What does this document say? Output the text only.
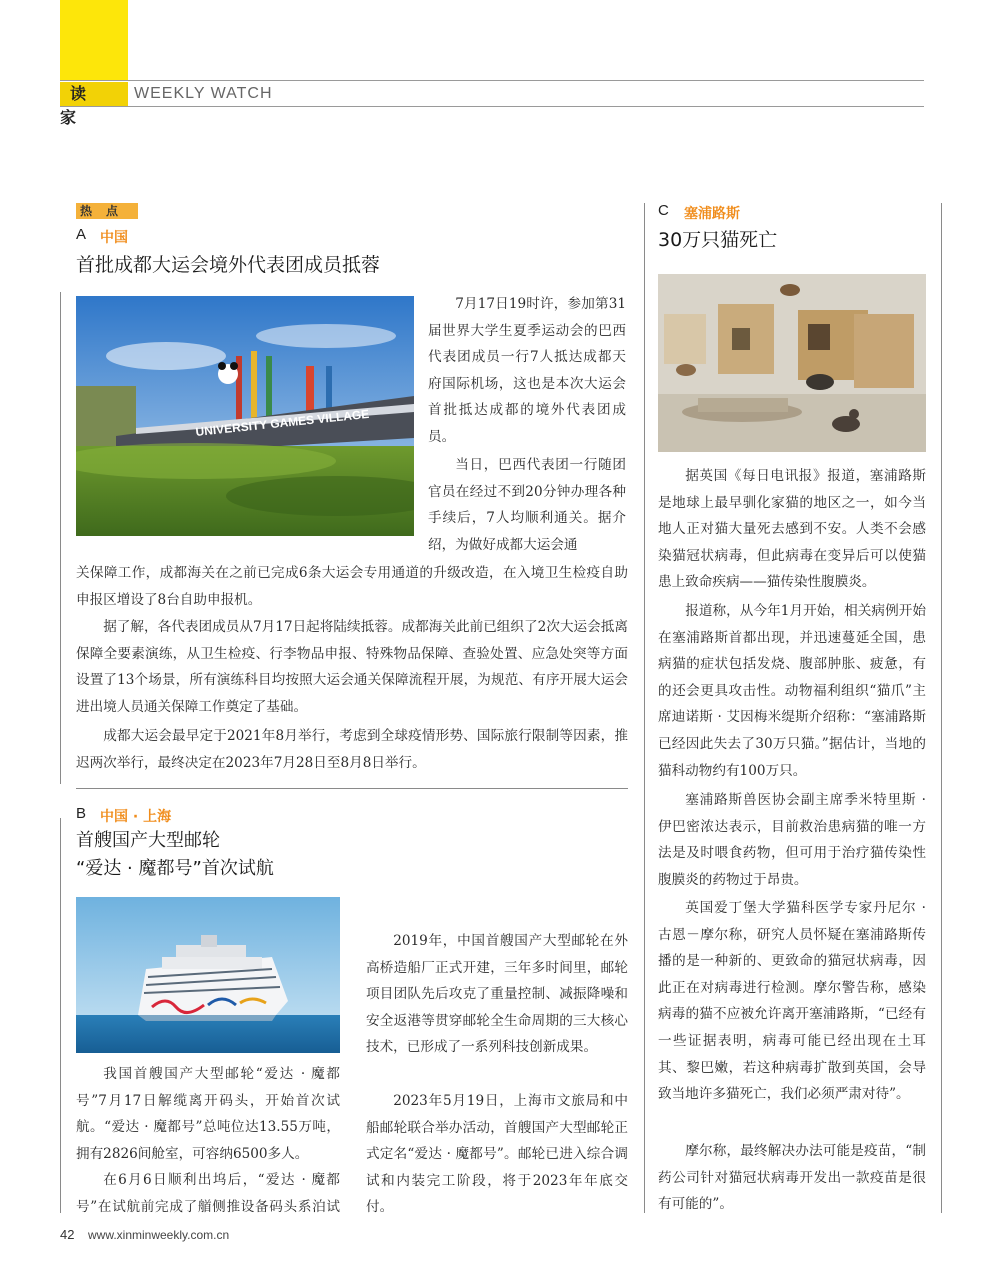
读家
WEEKLY WATCH
热点
A 中国
首批成都大运会境外代表团成员抵蓉
UNIVERSITY GAMES VILLAGE

7月17日19时许，参加第31届世界大学生夏季运动会的巴西代表团成员一行7人抵达成都天府国际机场，这也是本次大运会首批抵达成都的境外代表团成员。

当日，巴西代表团一行随团官员在经过不到20分钟办理各种手续后，7人均顺利通关。据介绍，为做好成都大运会通

关保障工作，成都海关在之前已完成6条大运会专用通道的升级改造，在入境卫生检疫自助申报区增设了8台自助申报机。

据了解，各代表团成员从7月17日起将陆续抵蓉。成都海关此前已组织了2次大运会抵离保障全要素演练，从卫生检疫、行李物品申报、特殊物品保障、查验处置、应急处突等方面设置了13个场景，所有演练科目均按照大运会通关保障流程开展，为规范、有序开展大运会进出境人员通关保障工作奠定了基础。

成都大运会最早定于2021年8月举行，考虑到全球疫情形势、国际旅行限制等因素，推迟两次举行，最终决定在2023年7月28日至8月8日举行。

B 中国 · 上海
首艘国产大型邮轮
“爱达 · 魔都号”首次试航

我国首艘国产大型邮轮“爱达 · 魔都号”7月17日解缆离开码头，开始首次试航。“爱达 · 魔都号”总吨位达13.55万吨，拥有2826间舱室，可容纳6500多人。

在6月6日顺利出坞后，“爱达 · 魔都号”在试航前完成了艏侧推设备码头系泊试

2019年，中国首艘国产大型邮轮在外高桥造船厂正式开建，三年多时间里，邮轮项目团队先后攻克了重量控制、减振降噪和安全返港等贯穿邮轮全生命周期的三大核心技术，已形成了一系列科技创新成果。

2023年5月19日，上海市文旅局和中船邮轮联合举办活动，首艘国产大型邮轮正式定名“爱达 · 魔都号”。邮轮已进入综合调试和内装完工阶段，将于2023年年底交付。

C 塞浦路斯
30万只猫死亡

据英国《每日电讯报》报道，塞浦路斯是地球上最早驯化家猫的地区之一，如今当地人正对猫大量死去感到不安。人类不会感染猫冠状病毒，但此病毒在变异后可以使猫患上致命疾病——猫传染性腹膜炎。

报道称，从今年1月开始，相关病例开始在塞浦路斯首都出现，并迅速蔓延全国，患病猫的症状包括发烧、腹部肿胀、疲惫，有的还会更具攻击性。动物福利组织“猫爪”主席迪诺斯 · 艾因梅米缇斯介绍称：“塞浦路斯已经因此失去了30万只猫。”据估计，当地的猫科动物约有100万只。

塞浦路斯兽医协会副主席季米特里斯 · 伊巴密浓达表示，目前救治患病猫的唯一方法是及时喂食药物，但可用于治疗猫传染性腹膜炎的药物过于昂贵。

英国爱丁堡大学猫科医学专家丹尼尔 · 古恩－摩尔称，研究人员怀疑在塞浦路斯传播的是一种新的、更致命的猫冠状病毒，因此正在对病毒进行检测。摩尔警告称，感染病毒的猫不应被允许离开塞浦路斯，“已经有一些证据表明，病毒可能已经出现在土耳其、黎巴嫩，若这种病毒扩散到英国，会导致当地许多猫死亡，我们必须严肃对待”。

摩尔称，最终解决办法可能是疫苗，“制药公司针对猫冠状病毒开发出一款疫苗是很有可能的”。

42 www.xinminweekly.com.cn
